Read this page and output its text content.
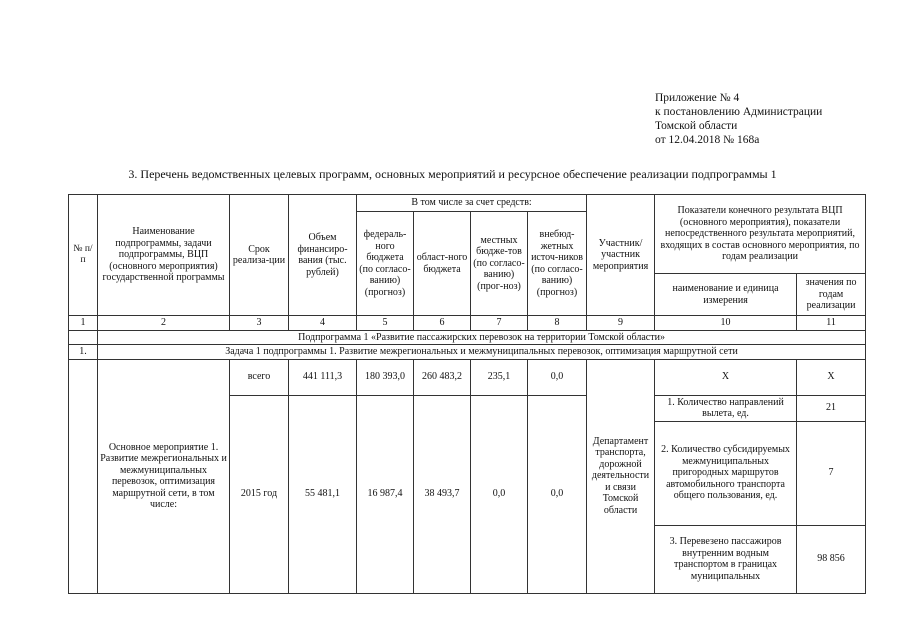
Приложение № 4
к постановлению Администрации
Томской области
от 12.04.2018 № 168а
3. Перечень ведомственных целевых программ, основных мероприятий и ресурсное обеспечение реализации подпрограммы 1
№ п/п	Наименование подпрограммы, задачи подпрограммы, ВЦП (основного мероприятия) государственной программы	Срок реализа-ции	Объем финансиро-вания (тыс. рублей)	В том числе за счет средств:				Участник/ участник мероприятия	Показатели конечного результата ВЦП (основного мероприятия), показатели непосредственного результата мероприятий, входящих в состав основного мероприятия, по годам реализации	
				федераль-ного бюджета (по согласо-ванию) (прогноз)	област-ного бюджета	местных бюдже-тов (по согласо-ванию) (прог-ноз)	внебюд-жетных источ-ников (по согласо-ванию) (прогноз)			
									наименование и единица измерения	значения по годам реализации
1	2	3	4	5	6	7	8	9	10	11
	Подпрограмма 1 «Развитие пассажирских перевозок на территории Томской области»									
1.	Задача 1 подпрограммы 1. Развитие межрегиональных и межмуниципальных перевозок, оптимизация маршрутной сети									
	Основное мероприятие 1. Развитие межрегиональных и межмуниципальных перевозок, оптимизация маршрутной сети, в том числе:	всего	441 111,3	180 393,0	260 483,2	235,1	0,0	Департамент транспорта, дорожной деятельности и связи Томской области	Х	Х
		2015 год	55 481,1	16 987,4	38 493,7	0,0	0,0		1. Количество направлений вылета, ед.	21
									2. Количество субсидируемых межмуниципальных пригородных маршрутов автомобильного транспорта общего пользования, ед.	7
									3. Перевезено пассажиров внутренним водным транспортом в границах муниципальных	98 856
